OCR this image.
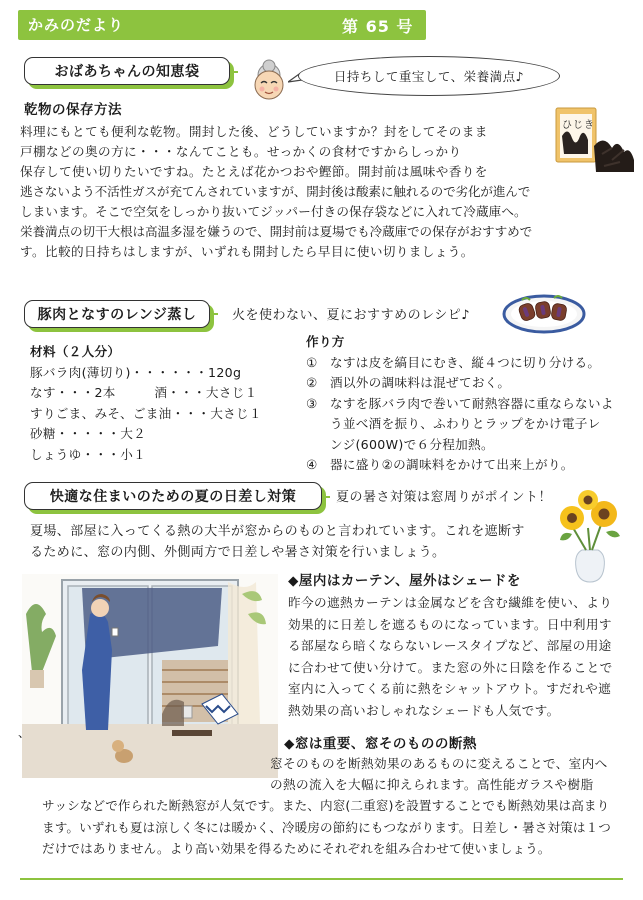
かみのだより	第 65 号
おばあちゃんの知恵袋	日持ちして重宝して、栄養満点♪
乾物の保存方法
ひじき
料理にもとても便利な乾物。開封した後、どうしていますか？封をしてそのまま
戸棚などの奥の方に・・・なんてことも。せっかくの食材ですからしっかり
保存して使い切りたいですね。たとえば花かつおや鰹節。開封前は風味や香りを
逃さないよう不活性ガスが充てんされていますが、開封後は酸素に触れるので劣化が進んで
しまいます。そこで空気をしっかり抜いてジッパー付きの保存袋などに入れて冷蔵庫へ。
栄養満点の切干大根は高温多湿を嫌うので、開封前は夏場でも冷蔵庫での保存がおすすめで
す。比較的日持ちはしますが、いずれも開封したら早目に使い切りましょう。
豚肉となすのレンジ蒸し	火を使わない、夏におすすめのレシピ♪
材料（２人分）
豚バラ肉(薄切り)・・・・・・120g
なす・・・2本　　　酒・・・大さじ１
すりごま、みそ、ごま油・・・大さじ１
砂糖・・・・・大２
しょうゆ・・・小１
作り方
① なすは皮を縞目にむき、縦４つに切り分ける。
② 酒以外の調味料は混ぜておく。
③ なすを豚バラ肉で巻いて耐熱容器に重ならないよ
う並べ酒を振り、ふわりとラップをかけ電子レ
ンジ(600W)で６分程加熱。
④ 器に盛り②の調味料をかけて出来上がり。
快適な住まいのための夏の日差し対策	夏の暑さ対策は窓周りがポイント！
夏場、部屋に入ってくる熱の大半が窓からのものと言われています。これを遮断す
るために、窓の内側、外側両方で日差しや暑さ対策を行いましょう。
、
◆屋内はカーテン、屋外はシェードを
昨今の遮熱カーテンは金属などを含む繊維を使い、より
効果的に日差しを遮るものになっています。日中利用す
る部屋なら暗くならないレースタイプなど、部屋の用途
に合わせて使い分けて。また窓の外に日陰を作ることで
室内に入ってくる前に熱をシャットアウト。すだれや遮
熱効果の高いおしゃれなシェードも人気です。
◆窓は重要、窓そのものの断熱
窓そのものを断熱効果のあるものに変えることで、室内へ
の熱の流入を大幅に抑えられます。高性能ガラスや樹脂
サッシなどで作られた断熱窓が人気です。また、内窓(二重窓)を設置することでも断熱効果は高まり
ます。いずれも夏は涼しく冬には暖かく、冷暖房の節約にもつながります。日差し・暑さ対策は１つ
だけではありません。より高い効果を得るためにそれぞれを組み合わせて使いましょう。
